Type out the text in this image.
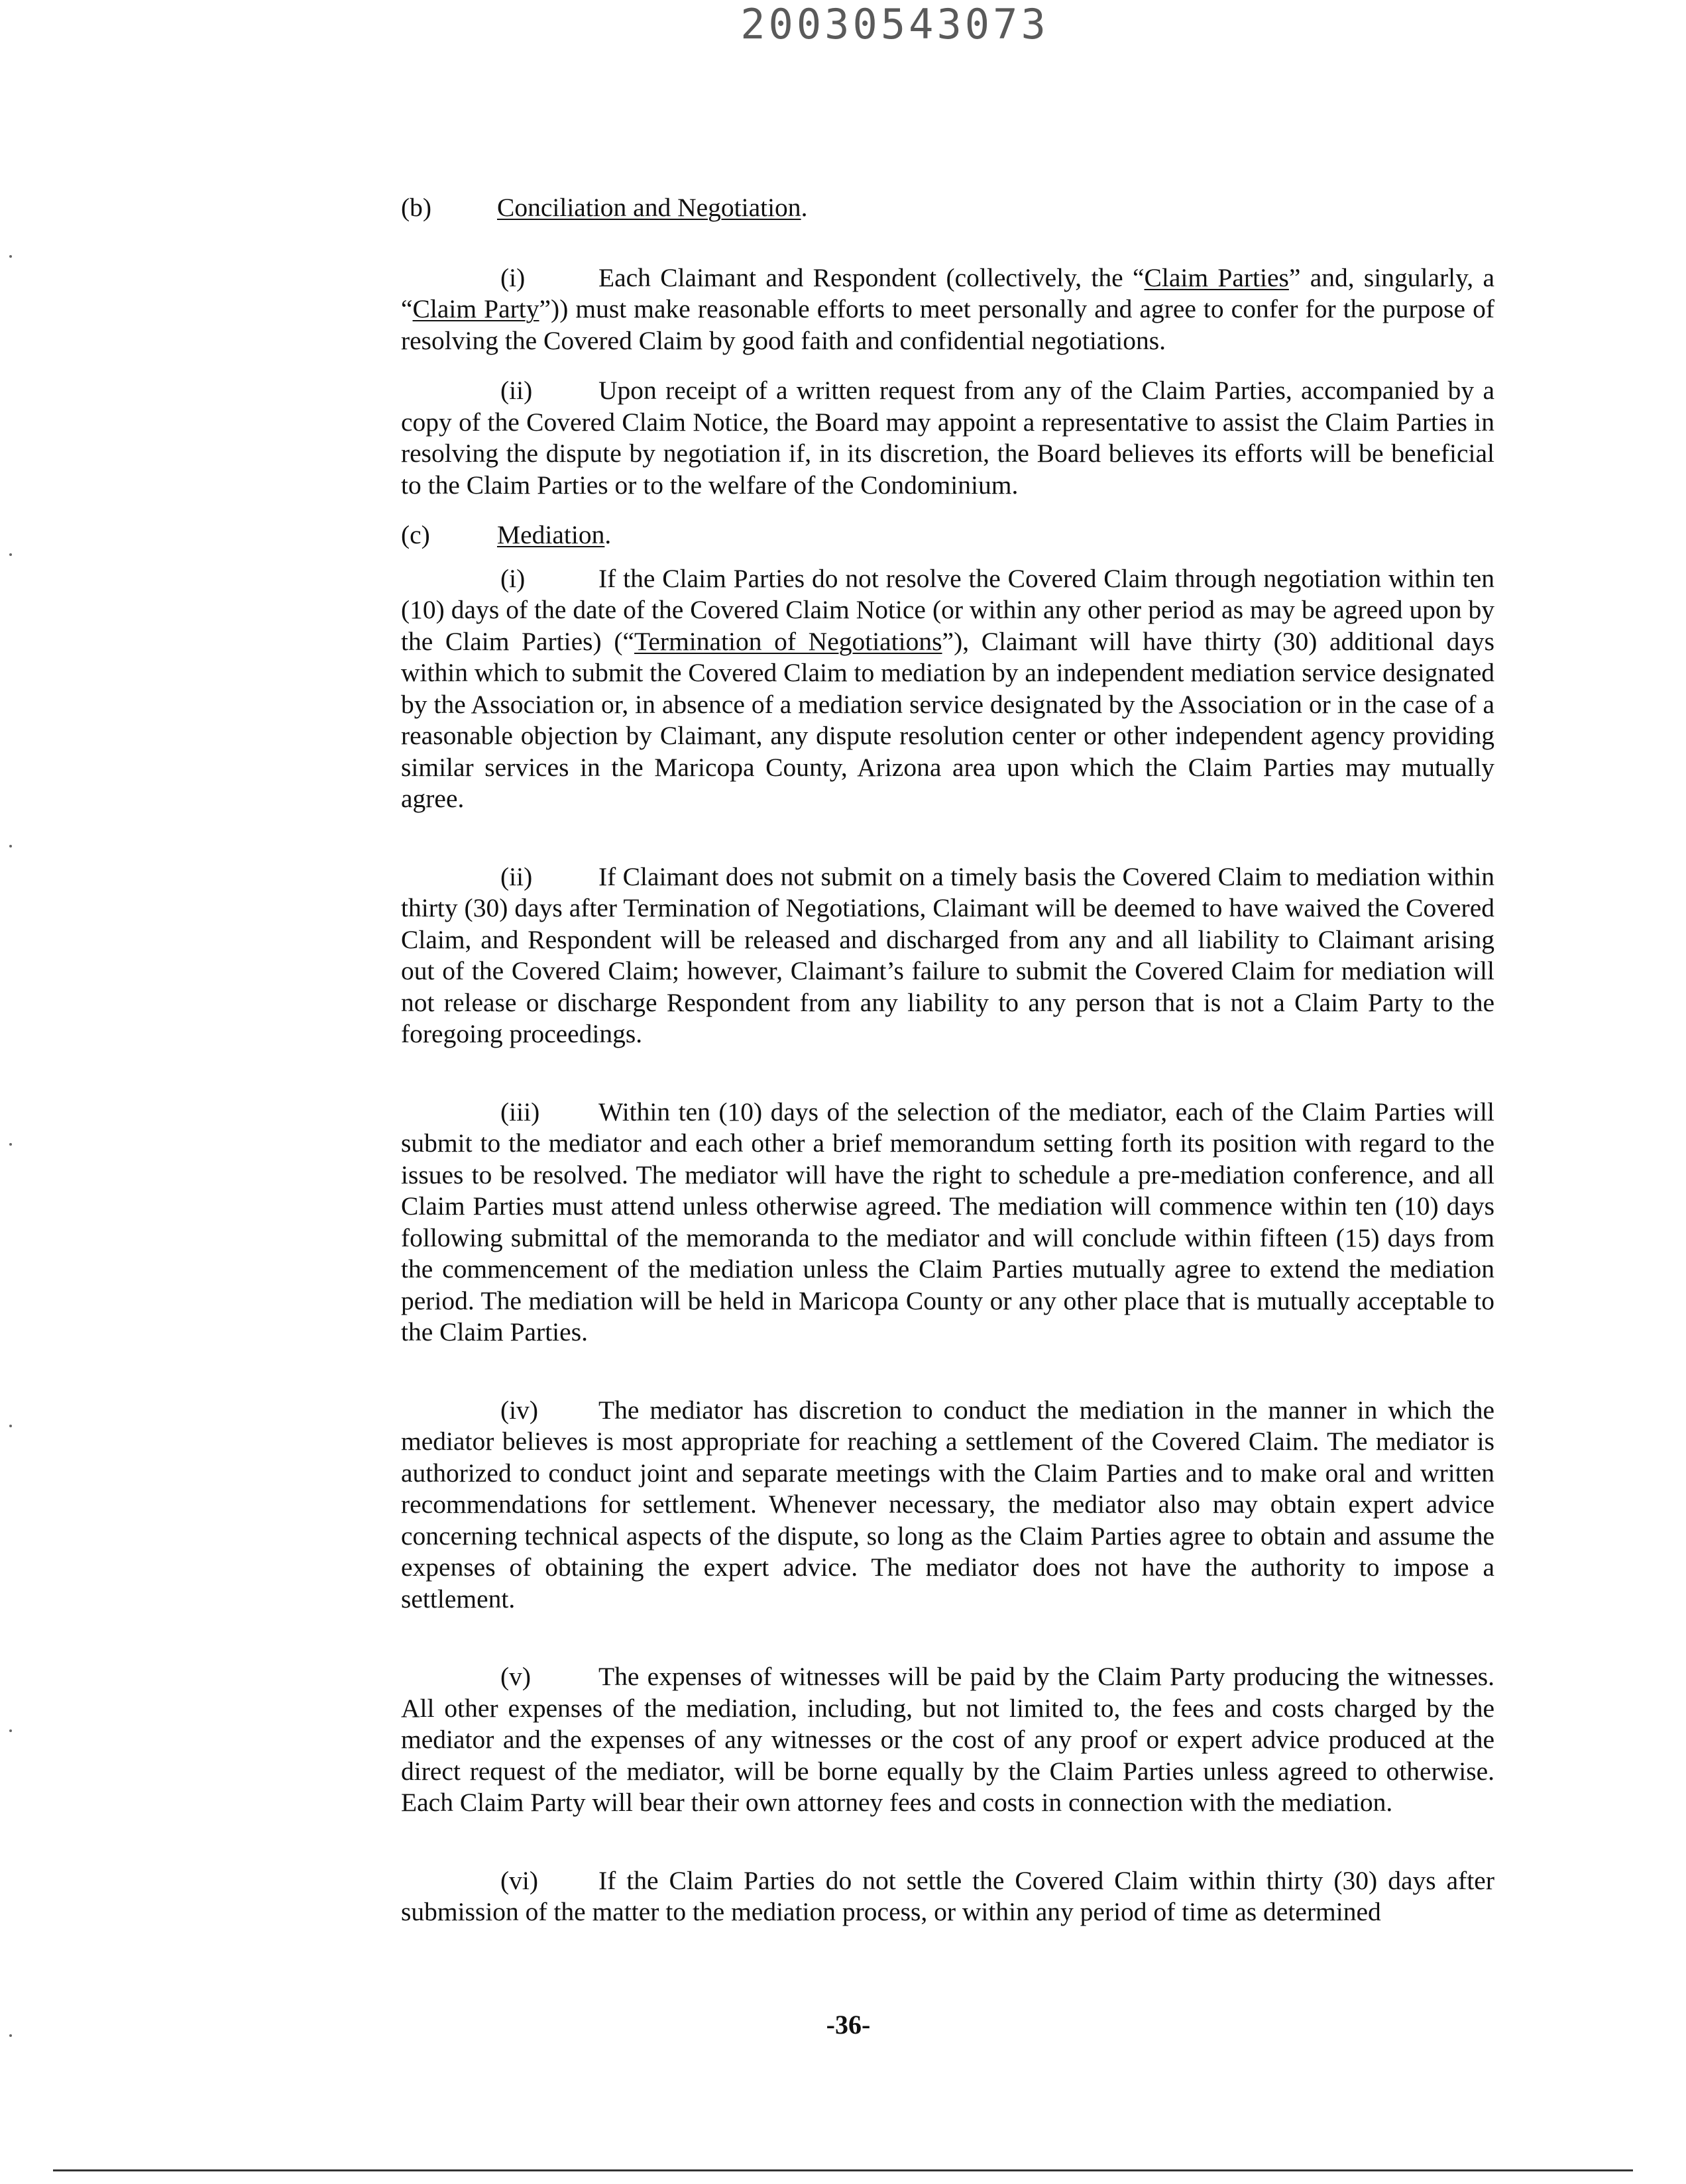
20030543073
(b)	Conciliation and Negotiation.

(i)	Each Claimant and Respondent (collectively, the “Claim Parties” and, singularly, a “Claim Party”)) must make reasonable efforts to meet personally and agree to confer for the purpose of resolving the Covered Claim by good faith and confidential negotiations.

(ii)	Upon receipt of a written request from any of the Claim Parties, accompanied by a copy of the Covered Claim Notice, the Board may appoint a representative to assist the Claim Parties in resolving the dispute by negotiation if, in its discretion, the Board believes its efforts will be beneficial to the Claim Parties or to the welfare of the Condominium.

(c)	Mediation.

(i)	If the Claim Parties do not resolve the Covered Claim through negotiation within ten (10) days of the date of the Covered Claim Notice (or within any other period as may be agreed upon by the Claim Parties) (“Termination of Negotiations”), Claimant will have thirty (30) additional days within which to submit the Covered Claim to mediation by an independent mediation service designated by the Association or, in absence of a mediation service designated by the Association or in the case of a reasonable objection by Claimant, any dispute resolution center or other independent agency providing similar services in the Maricopa County, Arizona area upon which the Claim Parties may mutually agree.

(ii)	If Claimant does not submit on a timely basis the Covered Claim to mediation within thirty (30) days after Termination of Negotiations, Claimant will be deemed to have waived the Covered Claim, and Respondent will be released and discharged from any and all liability to Claimant arising out of the Covered Claim; however, Claimant’s failure to submit the Covered Claim for mediation will not release or discharge Respondent from any liability to any person that is not a Claim Party to the foregoing proceedings.

(iii) Within ten (10) days of the selection of the mediator, each of the Claim Parties will submit to the mediator and each other a brief memorandum setting forth its position with regard to the issues to be resolved. The mediator will have the right to schedule a pre-mediation conference, and all Claim Parties must attend unless otherwise agreed. The mediation will commence within ten (10) days following submittal of the memoranda to the mediator and will conclude within fifteen (15) days from the commencement of the mediation unless the Claim Parties mutually agree to extend the mediation period. The mediation will be held in Maricopa County or any other place that is mutually acceptable to the Claim Parties.

(iv) The mediator has discretion to conduct the mediation in the manner in which the mediator believes is most appropriate for reaching a settlement of the Covered Claim. The mediator is authorized to conduct joint and separate meetings with the Claim Parties and to make oral and written recommendations for settlement. Whenever necessary, the mediator also may obtain expert advice concerning technical aspects of the dispute, so long as the Claim Parties agree to obtain and assume the expenses of obtaining the expert advice. The mediator does not have the authority to impose a settlement.

(v)	The expenses of witnesses will be paid by the Claim Party producing the witnesses. All other expenses of the mediation, including, but not limited to, the fees and costs charged by the mediator and the expenses of any witnesses or the cost of any proof or expert advice produced at the direct request of the mediator, will be borne equally by the Claim Parties unless agreed to otherwise. Each Claim Party will bear their own attorney fees and costs in connection with the mediation.

(vi) If the Claim Parties do not settle the Covered Claim within thirty (30) days after submission of the matter to the mediation process, or within any period of time as determined

-36-
